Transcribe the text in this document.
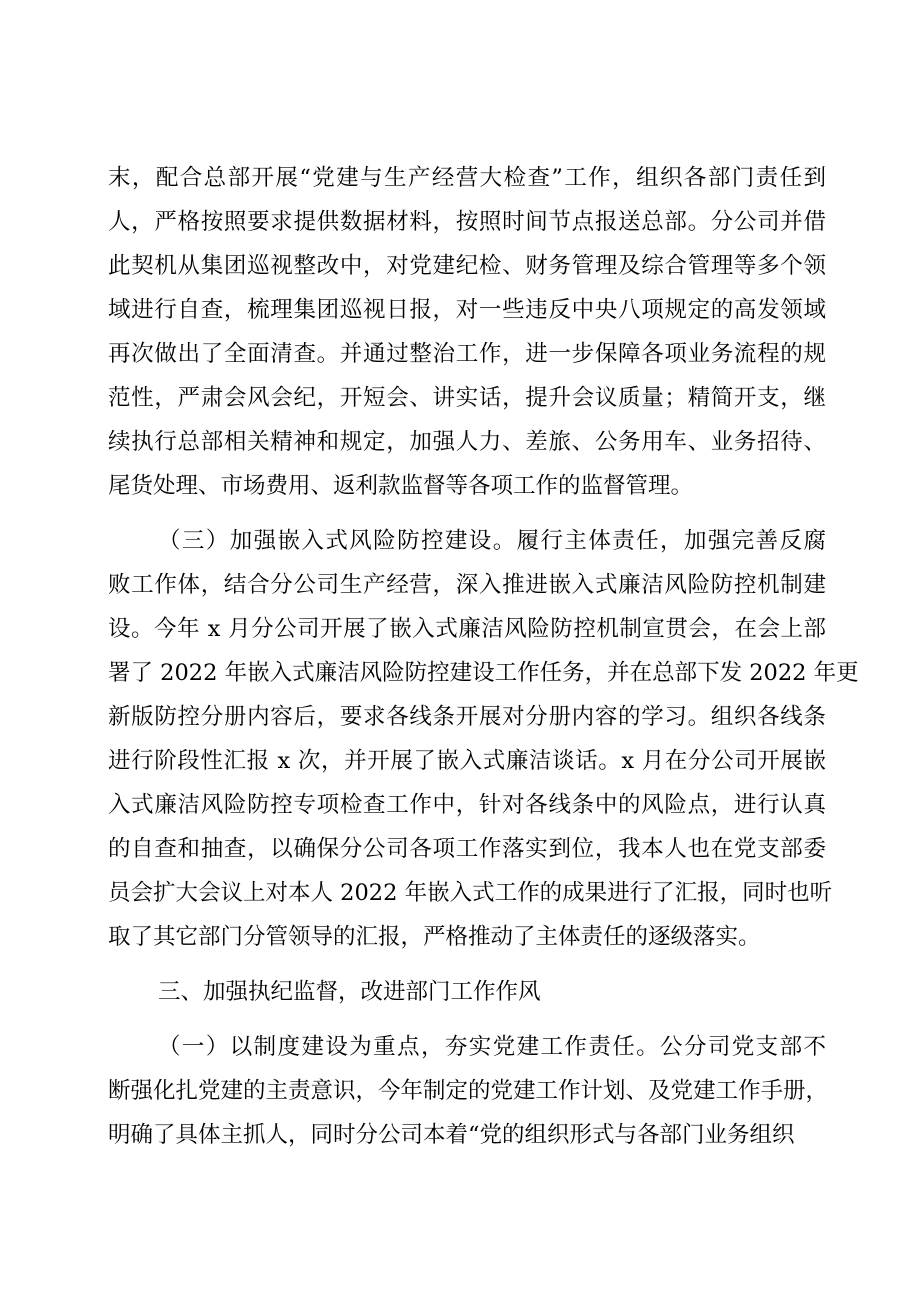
末，配合总部开展“党建与生产经营大检查”工作，组织各部门责任到
人，严格按照要求提供数据材料，按照时间节点报送总部。分公司并借
此契机从集团巡视整改中，对党建纪检、财务管理及综合管理等多个领
域进行自查，梳理集团巡视日报，对一些违反中央八项规定的高发领域
再次做出了全面清查。并通过整治工作，进一步保障各项业务流程的规
范性，严肃会风会纪，开短会、讲实话，提升会议质量；精简开支，继
续执行总部相关精神和规定，加强人力、差旅、公务用车、业务招待、
尾货处理、市场费用、返利款监督等各项工作的监督管理。
（三）加强嵌入式风险防控建设。履行主体责任，加强完善反腐
败工作体，结合分公司生产经营，深入推进嵌入式廉洁风险防控机制建
设。今年 x 月分公司开展了嵌入式廉洁风险防控机制宣贯会，在会上部
署了 2022 年嵌入式廉洁风险防控建设工作任务，并在总部下发 2022 年更
新版防控分册内容后，要求各线条开展对分册内容的学习。组织各线条
进行阶段性汇报 x 次，并开展了嵌入式廉洁谈话。x 月在分公司开展嵌
入式廉洁风险防控专项检查工作中，针对各线条中的风险点，进行认真
的自查和抽查，以确保分公司各项工作落实到位，我本人也在党支部委
员会扩大会议上对本人 2022 年嵌入式工作的成果进行了汇报，同时也听
取了其它部门分管领导的汇报，严格推动了主体责任的逐级落实。
三、加强执纪监督，改进部门工作作风
（一）以制度建设为重点，夯实党建工作责任。公分司党支部不
断强化扎党建的主责意识，今年制定的党建工作计划、及党建工作手册，
明确了具体主抓人，同时分公司本着“党的组织形式与各部门业务组织
